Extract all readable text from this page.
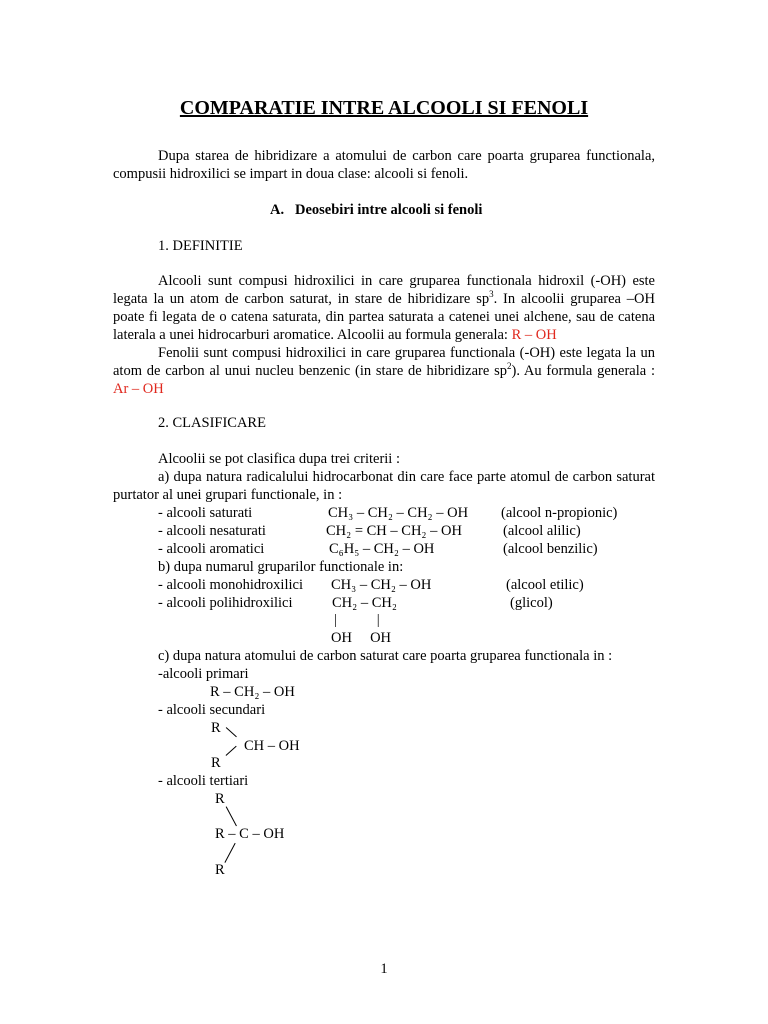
COMPARATIE INTRE ALCOOLI SI FENOLI
Dupa starea de hibridizare a atomului de carbon care poarta gruparea functionala, compusii hidroxilici se impart in doua clase: alcooli si fenoli.
A. Deosebiri intre alcooli si fenoli
1. DEFINITIE
Alcooli sunt compusi hidroxilici in care gruparea functionala hidroxil (-OH) este legata la un atom de carbon saturat, in stare de hibridizare $sp^3$. In alcoolii gruparea –OH poate fi legata de o catena saturata, din partea saturata a catenei unei alchene, sau de catena laterala a unei hidrocarburi aromatice. Alcoolii au formula generala: R – OH
Fenolii sunt compusi hidroxilici in care gruparea functionala (-OH) este legata la un atom de carbon al unui nucleu benzenic (in stare de hibridizare $sp^2$). Au formula generala : Ar – OH
2. CLASIFICARE
Alcoolii se pot clasifica dupa trei criterii :
a) dupa natura radicalului hidrocarbonat din care face parte atomul de carbon saturat purtator al unei grupari functionale, in :
- alcooli saturati	CH₃ – CH₂ – CH₂ – OH (alcool n-propionic)
- alcooli nesaturati	CH₂ = CH – CH₂ – OH	(alcool alilic)
- alcooli aromatici	C₆H₅ – CH₂ – OH	(alcool benzilic)
b) dupa numarul gruparilor functionale in:
- alcooli monohidroxilici CH₃ – CH₂ – OH	(alcool etilic)
- alcooli polihidroxilici	CH₂ – CH₂	(glicol)
|           |
OH     OH
c) dupa natura atomului de carbon saturat care poarta gruparea functionala in :
-alcooli primari
R – CH₂ – OH
- alcooli secundari
R
CH – OH
R
- alcooli tertiari
R
R – C – OH
R
1
